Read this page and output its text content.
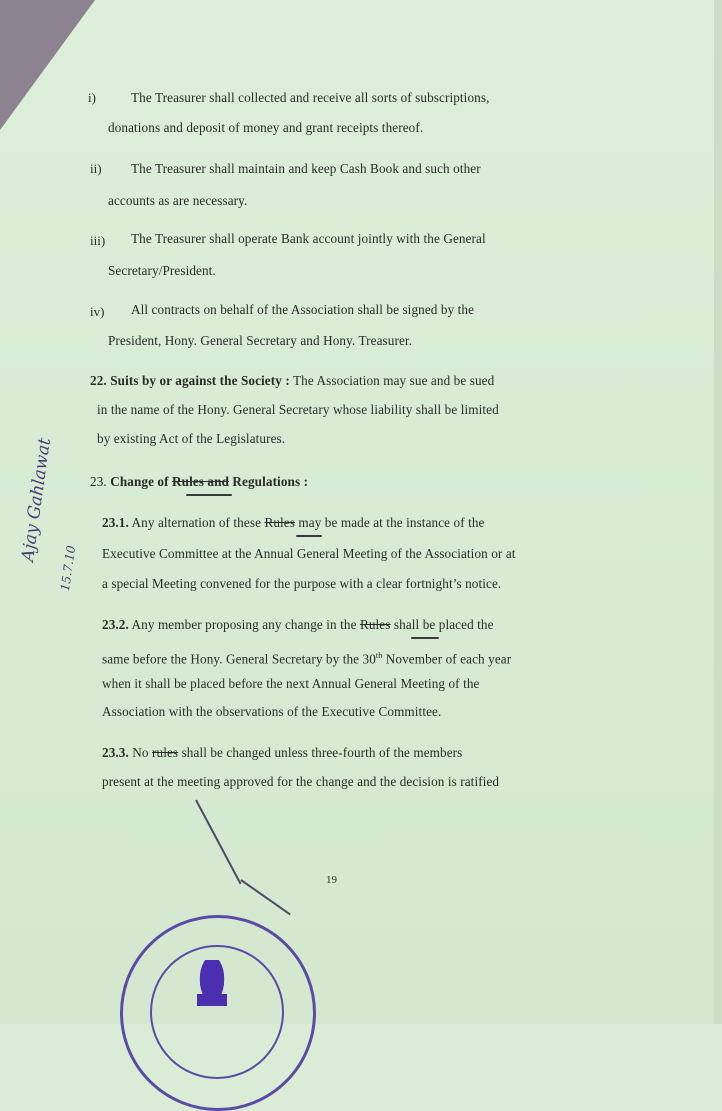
i)	The Treasurer shall collected and receive all sorts of subscriptions,
donations and deposit of money and grant receipts thereof.
ii) The Treasurer shall maintain and keep Cash Book and such other
accounts as are necessary.
iii) The Treasurer shall operate Bank account jointly with the General
Secretary/President.
iv) All contracts on behalf of the Association shall be signed by the
President, Hony. General Secretary and Hony. Treasurer.
22. Suits by or against the Society : The Association may sue and be sued
in the name of the Hony. General Secretary whose liability shall be limited
by existing Act of the Legislatures.
23. Change of Rules and Regulations :
23.1. Any alternation of these Rules may be made at the instance of the
Executive Committee at the Annual General Meeting of the Association or at
a special Meeting convened for the purpose with a clear fortnight’s notice.
23.2. Any member proposing any change in the Rules shall be placed the
same before the Hony. General Secretary by the 30th November of each year
when it shall be placed before the next Annual General Meeting of the
Association with the observations of the Executive Committee.
23.3. No rules shall be changed unless three-fourth of the members
present at the meeting approved for the change and the decision is ratified
Ajay Gahlawat
15.7.10
19
